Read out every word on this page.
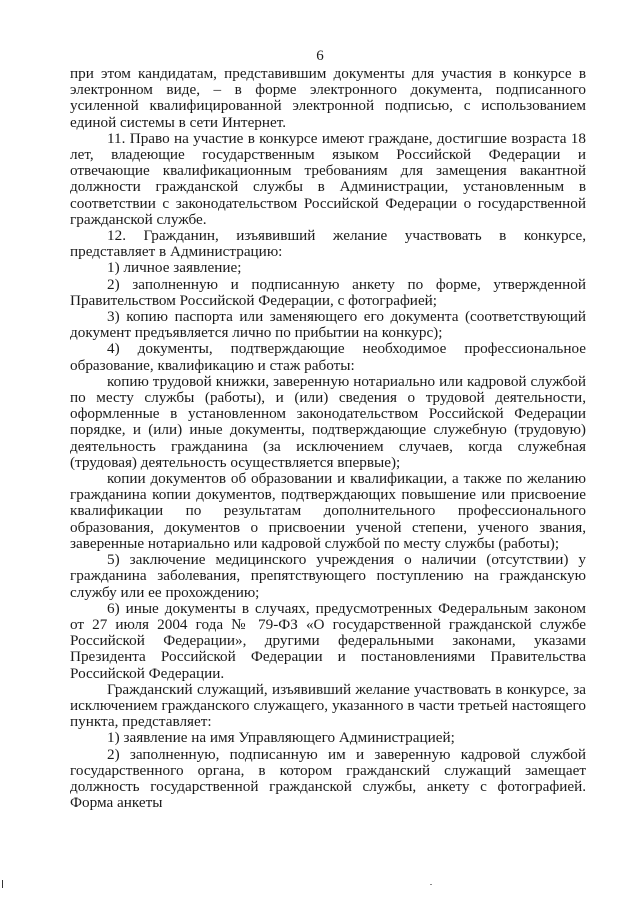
6

при этом кандидатам, представившим документы для участия в конкурсе в электронном виде, – в форме электронного документа, подписанного усиленной квалифицированной электронной подписью, с использованием единой системы в сети Интернет.

11. Право на участие в конкурсе имеют граждане, достигшие возраста 18 лет, владеющие государственным языком Российской Федерации и отвечающие квалификационным требованиям для замещения вакантной должности гражданской службы в Администрации, установленным в соответствии с законодательством Российской Федерации о государственной гражданской службе.

12. Гражданин, изъявивший желание участвовать в конкурсе, представляет в Администрацию:

1) личное заявление;

2) заполненную и подписанную анкету по форме, утвержденной Правительством Российской Федерации, с фотографией;

3) копию паспорта или заменяющего его документа (соответствующий документ предъявляется лично по прибытии на конкурс);

4) документы, подтверждающие необходимое профессиональное образование, квалификацию и стаж работы:

копию трудовой книжки, заверенную нотариально или кадровой службой по месту службы (работы), и (или) сведения о трудовой деятельности, оформленные в установленном законодательством Российской Федерации порядке, и (или) иные документы, подтверждающие служебную (трудовую) деятельность гражданина (за исключением случаев, когда служебная (трудовая) деятельность осуществляется впервые);

копии документов об образовании и квалификации, а также по желанию гражданина копии документов, подтверждающих повышение или присвоение квалификации по результатам дополнительного профессионального образования, документов о присвоении ученой степени, ученого звания, заверенные нотариально или кадровой службой по месту службы (работы);

5) заключение медицинского учреждения о наличии (отсутствии) у гражданина заболевания, препятствующего поступлению на гражданскую службу или ее прохождению;

6) иные документы в случаях, предусмотренных Федеральным законом от 27 июля 2004 года № 79-ФЗ «О государственной гражданской службе Российской Федерации», другими федеральными законами, указами Президента Российской Федерации и постановлениями Правительства Российской Федерации.

Гражданский служащий, изъявивший желание участвовать в конкурсе, за исключением гражданского служащего, указанного в части третьей настоящего пункта, представляет:

1) заявление на имя Управляющего Администрацией;

2) заполненную, подписанную им и заверенную кадровой службой государственного органа, в котором гражданский служащий замещает должность государственной гражданской службы, анкету с фотографией. Форма анкеты
